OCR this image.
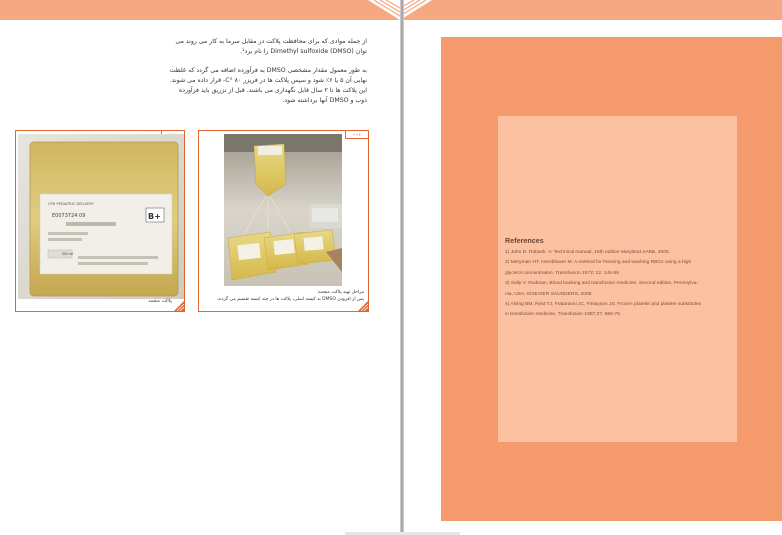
از جمله موادی که برای محافظت پلاکت در مقابل سرما به کار می روند می توان Dimethyl sulfoxide (DMSO) را نام برد¹.

به طور معمول مقدار مشخصی DMSO به فرآورده اضافه می گردد که غلظت نهایی آن ۵ یا ۶٪ شود و سپس پلاکت ها در فریزر C° ۸۰- قرار داده می شوند. این پلاکت ها تا ۲ سال قابل نگهداری می باشند. قبل از تزریق باید فرآورده ذوب و DMSO آنها برداشته شود.

۶-۱۴

مراحل تهیه پلاکت منجمد:
پس از افزودن DMSO به کیسه اصلی، پلاکت ها در چند کیسه تقسیم می گردند.

CPH PEDIATRIC DELIVERY
E0073724 09	B+
500 ml

پلاکت منجمد

References
1) John D. Roback. V. Technical manual, 16th edition Maryland AABB, 2005
2) Meryman HT, Hornblower M. A method for freezing and washing RBCs using a high
glycerol concentration. Transfusion 1972; 12: 145-56
3) Sally V. Rudman, Blood banking and transfusion medicine, Second edition, Pennsylva-
nia, USA, ElSEVIER SAUNDERS, 2005
4) Alving BM, Reid TJ, Fratantoni JC, Finlayson JS. Frozen platelet and platelet substitutes
in transfusion medicine, Transfusion 1997;37, 866-76
